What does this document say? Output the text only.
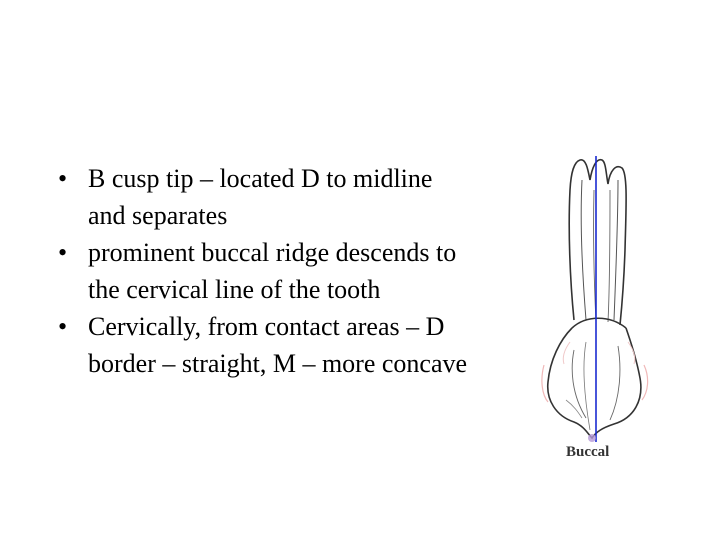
• B cusp tip – located D to midline and separates
• prominent buccal ridge descends to the cervical line of the tooth
• Cervically, from contact areas – D border – straight, M – more concave
Buccal
